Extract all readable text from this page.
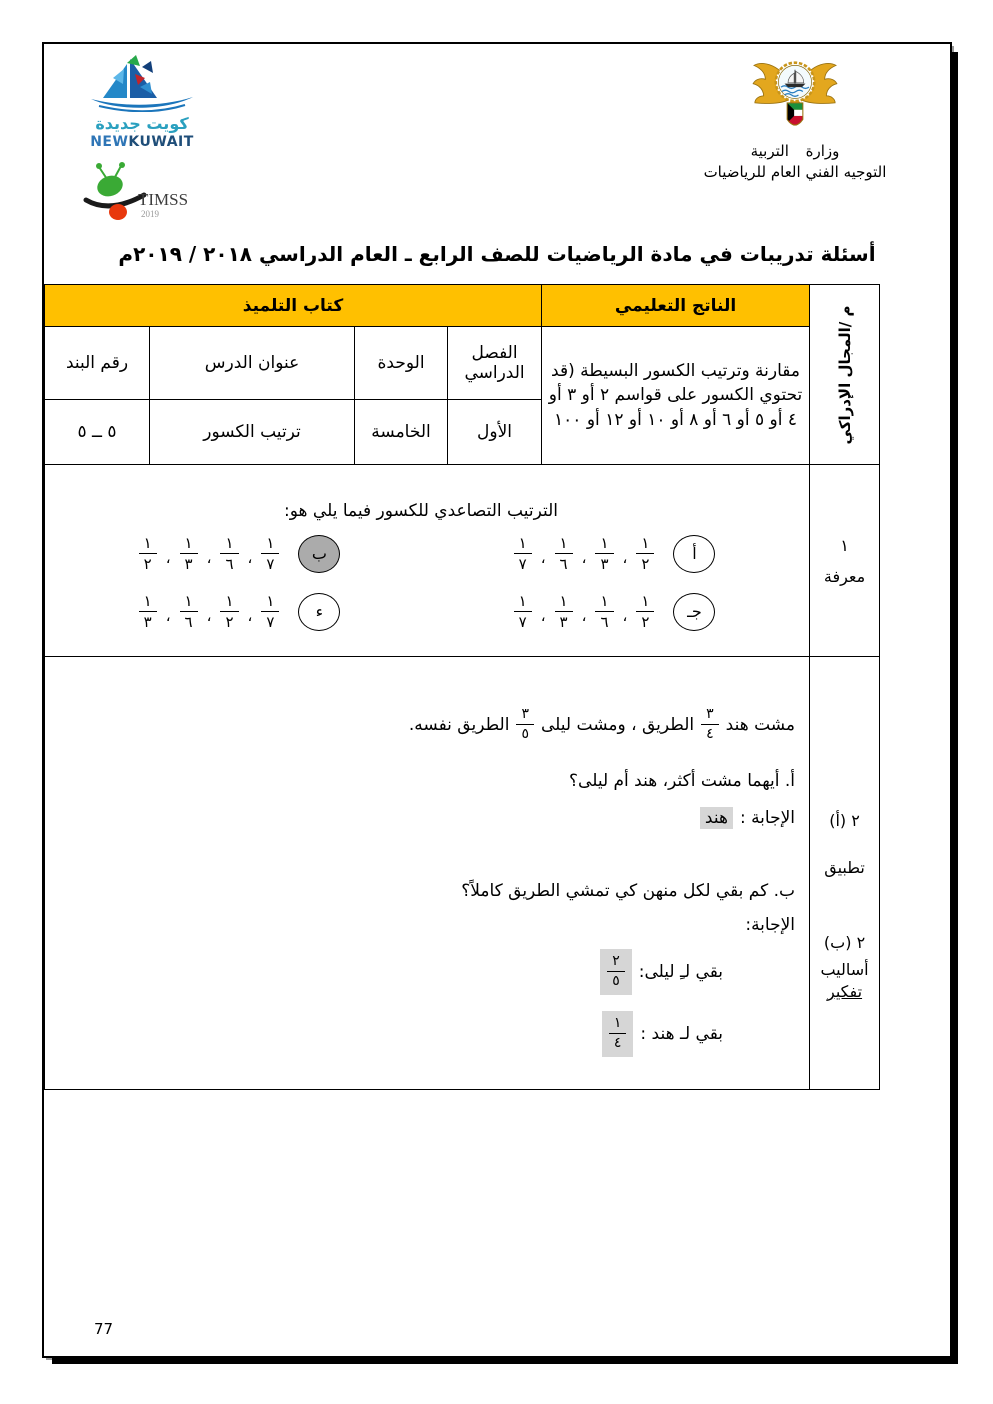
كويت جديدة
NEWKUWAIT
TIMSS
2019
وزارة التربية
التوجيه الفني العام للرياضيات
أسئلة تدريبات في مادة الرياضيات للصف الرابع ـ العام الدراسي ٢٠١٨ / ٢٠١٩م
م /المجال الإدراكي	الناتج التعليمي	كتاب التلميذ			
	مقارنة وترتيب الكسور البسيطة (قد تحتوي الكسور على قواسم ٢ أو ٣ أو ٤ أو ٥ أو ٦ أو ٨ أو ١٠ أو ١٢ أو ١٠٠	الفصل الدراسي	الوحدة	عنوان الدرس	رقم البند
		الأول	الخامسة	ترتيب الكسور	٥ ــ ٥

١
معرفة

الترتيب التصاعدي للكسور فيما يلي هو:
$\frac{١}{٧}$ ، $\frac{١}{٦}$ ، $\frac{١}{٣}$ ، $\frac{١}{٢}$	أ
$\frac{١}{٢}$ ، $\frac{١}{٣}$ ، $\frac{١}{٦}$ ، $\frac{١}{٧}$	ب
$\frac{١}{٧}$ ، $\frac{١}{٣}$ ، $\frac{١}{٦}$ ، $\frac{١}{٢}$	جـ
$\frac{١}{٣}$ ، $\frac{١}{٦}$ ، $\frac{١}{٢}$ ، $\frac{١}{٧}$	ء

٢ (أ)
تطبيق
٢ (ب)
أساليب
تفكير

مشت هند
$\frac{٣}{٤}$
الطريق ، ومشت ليلى
$\frac{٣}{٥}$
الطريق نفسه.
أ. أيهما مشت أكثر، هند أم ليلى؟
الإجابة :
هند
ب. كم بقي لكل منهن كي تمشي الطريق كاملاً؟
الإجابة:
بقي لـِ ليلى:
$\frac{٢}{٥}$
بقي لـ هند :
$\frac{١}{٤}$
77
